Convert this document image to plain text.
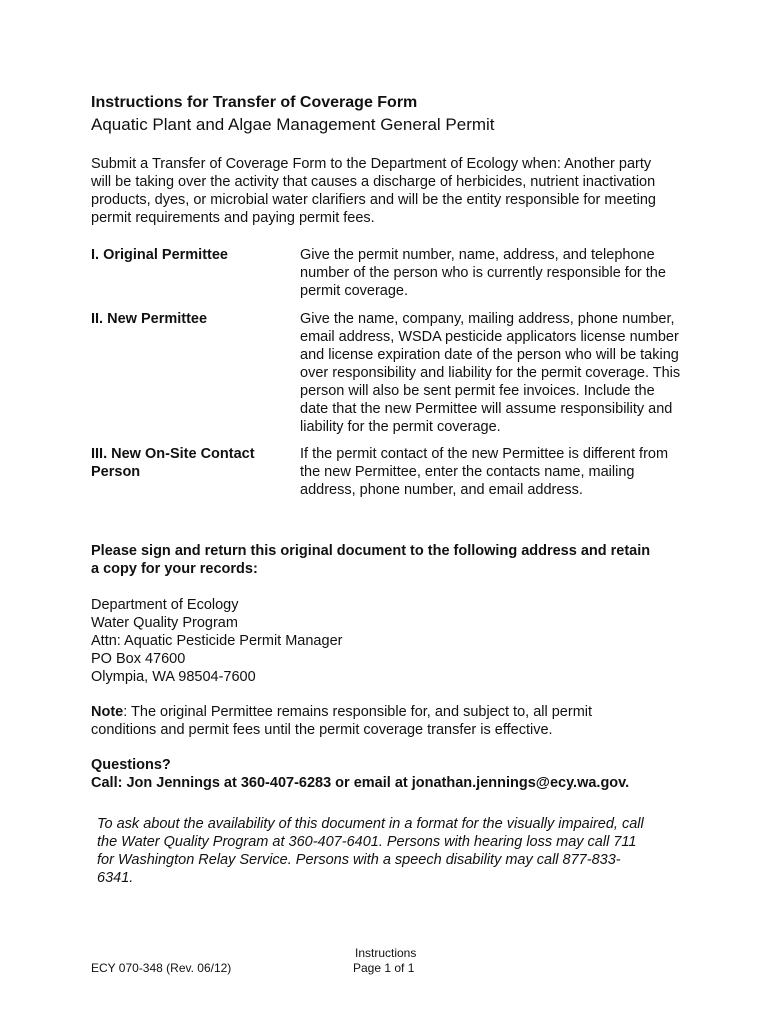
Instructions for Transfer of Coverage Form
Aquatic Plant and Algae Management General Permit
Submit a Transfer of Coverage Form to the Department of Ecology when: Another party
will be taking over the activity that causes a discharge of herbicides, nutrient inactivation
products, dyes, or microbial water clarifiers and will be the entity responsible for meeting
permit requirements and paying permit fees.
I. Original Permittee	Give the permit number, name, address, and telephone
number of the person who is currently responsible for the
permit coverage.
II. New Permittee	Give the name, company, mailing address, phone number,
email address, WSDA pesticide applicators license number
and license expiration date of the person who will be taking
over responsibility and liability for the permit coverage. This
person will also be sent permit fee invoices. Include the
date that the new Permittee will assume responsibility and
liability for the permit coverage.
III. New On-Site Contact
Person
If the permit contact of the new Permittee is different from
the new Permittee, enter the contacts name, mailing
address, phone number, and email address.
Please sign and return this original document to the following address and retain
a copy for your records:
Department of Ecology
Water Quality Program
Attn: Aquatic Pesticide Permit Manager
PO Box 47600
Olympia, WA 98504-7600
Note: The original Permittee remains responsible for, and subject to, all permit
conditions and permit fees until the permit coverage transfer is effective.
Questions?
Call: Jon Jennings at 360-407-6283 or email at jonathan.jennings@ecy.wa.gov.
To ask about the availability of this document in a format for the visually impaired, call
the Water Quality Program at 360-407-6401. Persons with hearing loss may call 711
for Washington Relay Service. Persons with a speech disability may call 877-833-
6341.
ECY 070-348 (Rev. 06/12)
Instructions
Page 1 of 1
